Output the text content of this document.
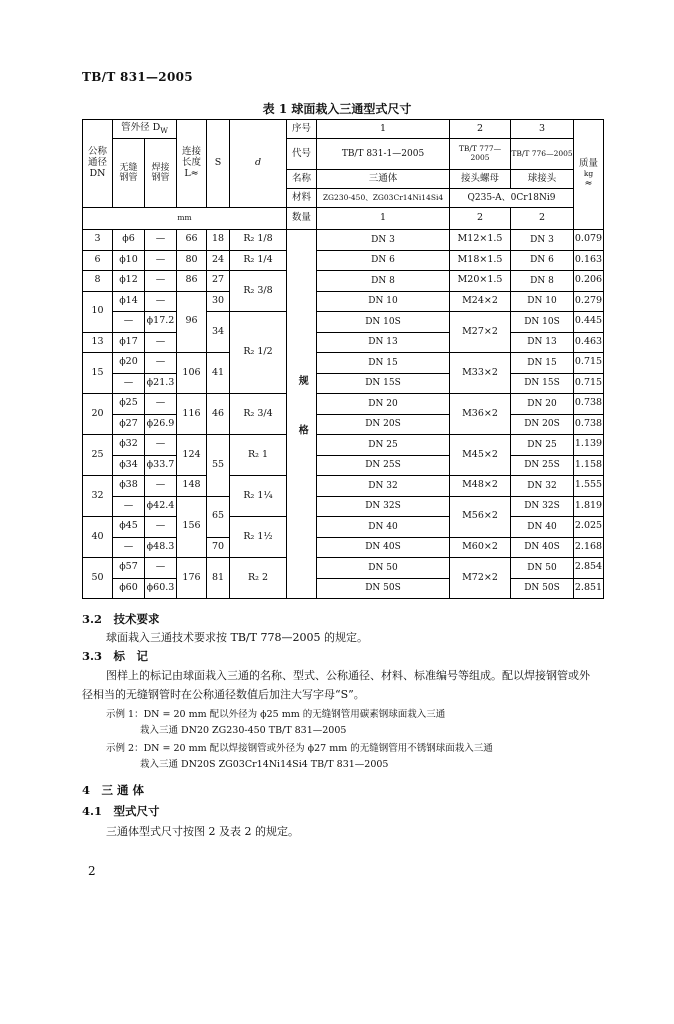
TB/T 831—2005
表 1 球面栽入三通型式尺寸
公称通径DN	管外径 $D_W$		连接长度L≈	S	d	序号	1	2	3	质量
kg
≈

	无缝钢管	焊接钢管				代号	TB/T 831-1—2005	TB/T 777—2005	TB/T 776—2005	
						名称	三通体	接头螺母	球接头	
						材料	ZG230-450、ZG03Cr14Ni14Si4	Q235-A、0Cr18Ni9		
mm						数量	1	2	2	
3	ϕ6	—	66	18	R₂ 1/8	规 格	DN 3	M12×1.5	DN 3	0.079
6	ϕ10	—	80	24	R₂ 1/4		DN 6	M18×1.5	DN 6	0.163
8	ϕ12	—	86	27	R₂ 3/8		DN 8	M20×1.5	DN 8	0.206
10	ϕ14	—	96	30			DN 10	M24×2	DN 10	0.279
	—	ϕ17.2		34	R₂ 1/2		DN 10S	M27×2	DN 10S	0.445
13	ϕ17	—					DN 13		DN 13	0.463
15	ϕ20	—	106	41			DN 15	M33×2	DN 15	0.715
	—	ϕ21.3					DN 15S		DN 15S	0.715
20	ϕ25	—	116	46	R₂ 3/4		DN 20	M36×2	DN 20	0.738
	ϕ27	ϕ26.9					DN 20S		DN 20S	0.738
25	ϕ32	—	124	55	R₂ 1		DN 25	M45×2	DN 25	1.139
	ϕ34	ϕ33.7					DN 25S		DN 25S	1.158
32	ϕ38	—	148		R₂ 1¼		DN 32	M48×2	DN 32	1.555
	—	ϕ42.4	156	65			DN 32S	M56×2	DN 32S	1.819
40	ϕ45	—			R₂ 1½		DN 40		DN 40	2.025
	—	ϕ48.3		70			DN 40S	M60×2	DN 40S	2.168
50	ϕ57	—	176	81	R₂ 2		DN 50	M72×2	DN 50	2.854
	ϕ60	ϕ60.3					DN 50S		DN 50S	2.851
3.2　 技术要求
球面栽入三通技术要求按 TB/T 778—2005 的规定。
3.3　 标　记
图样上的标记由球面栽入三通的名称、型式、公称通径、材料、标准编号等组成。配以焊接钢管或外
径相当的无缝钢管时在公称通径数值后加注大写字母“S”。
示例 1：DN = 20 mm 配以外径为 ϕ25 mm 的无缝钢管用碳素钢球面栽入三通
栽入三通 DN20 ZG230-450 TB/T 831—2005
示例 2：DN = 20 mm 配以焊接钢管或外径为 ϕ27 mm 的无缝钢管用不锈钢球面栽入三通
栽入三通 DN20S ZG03Cr14Ni14Si4 TB/T 831—2005
4　 三 通 体
4.1　 型式尺寸
三通体型式尺寸按图 2 及表 2 的规定。
2
